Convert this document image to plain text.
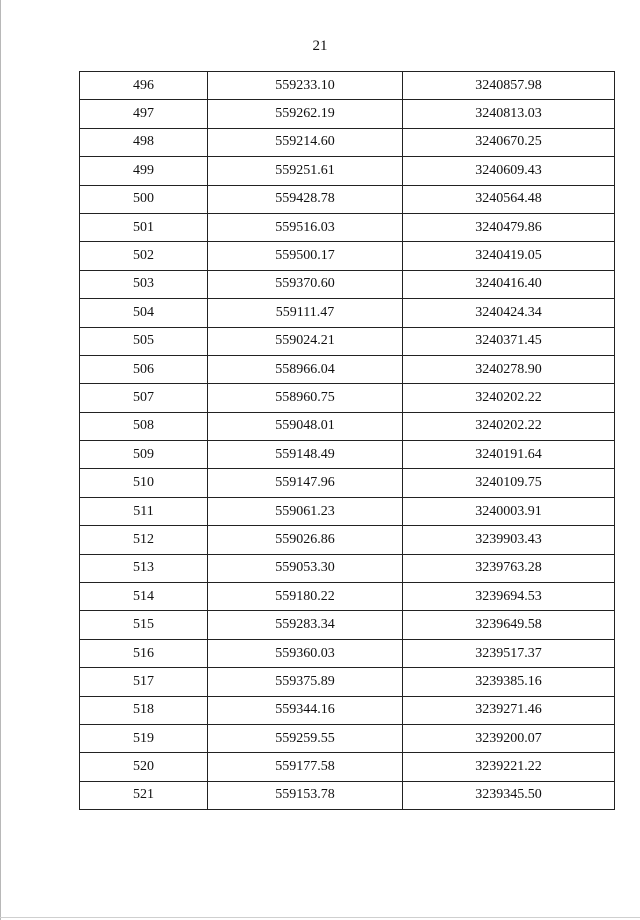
21
496	559233.10	3240857.98
497	559262.19	3240813.03
498	559214.60	3240670.25
499	559251.61	3240609.43
500	559428.78	3240564.48
501	559516.03	3240479.86
502	559500.17	3240419.05
503	559370.60	3240416.40
504	559111.47	3240424.34
505	559024.21	3240371.45
506	558966.04	3240278.90
507	558960.75	3240202.22
508	559048.01	3240202.22
509	559148.49	3240191.64
510	559147.96	3240109.75
511	559061.23	3240003.91
512	559026.86	3239903.43
513	559053.30	3239763.28
514	559180.22	3239694.53
515	559283.34	3239649.58
516	559360.03	3239517.37
517	559375.89	3239385.16
518	559344.16	3239271.46
519	559259.55	3239200.07
520	559177.58	3239221.22
521	559153.78	3239345.50
